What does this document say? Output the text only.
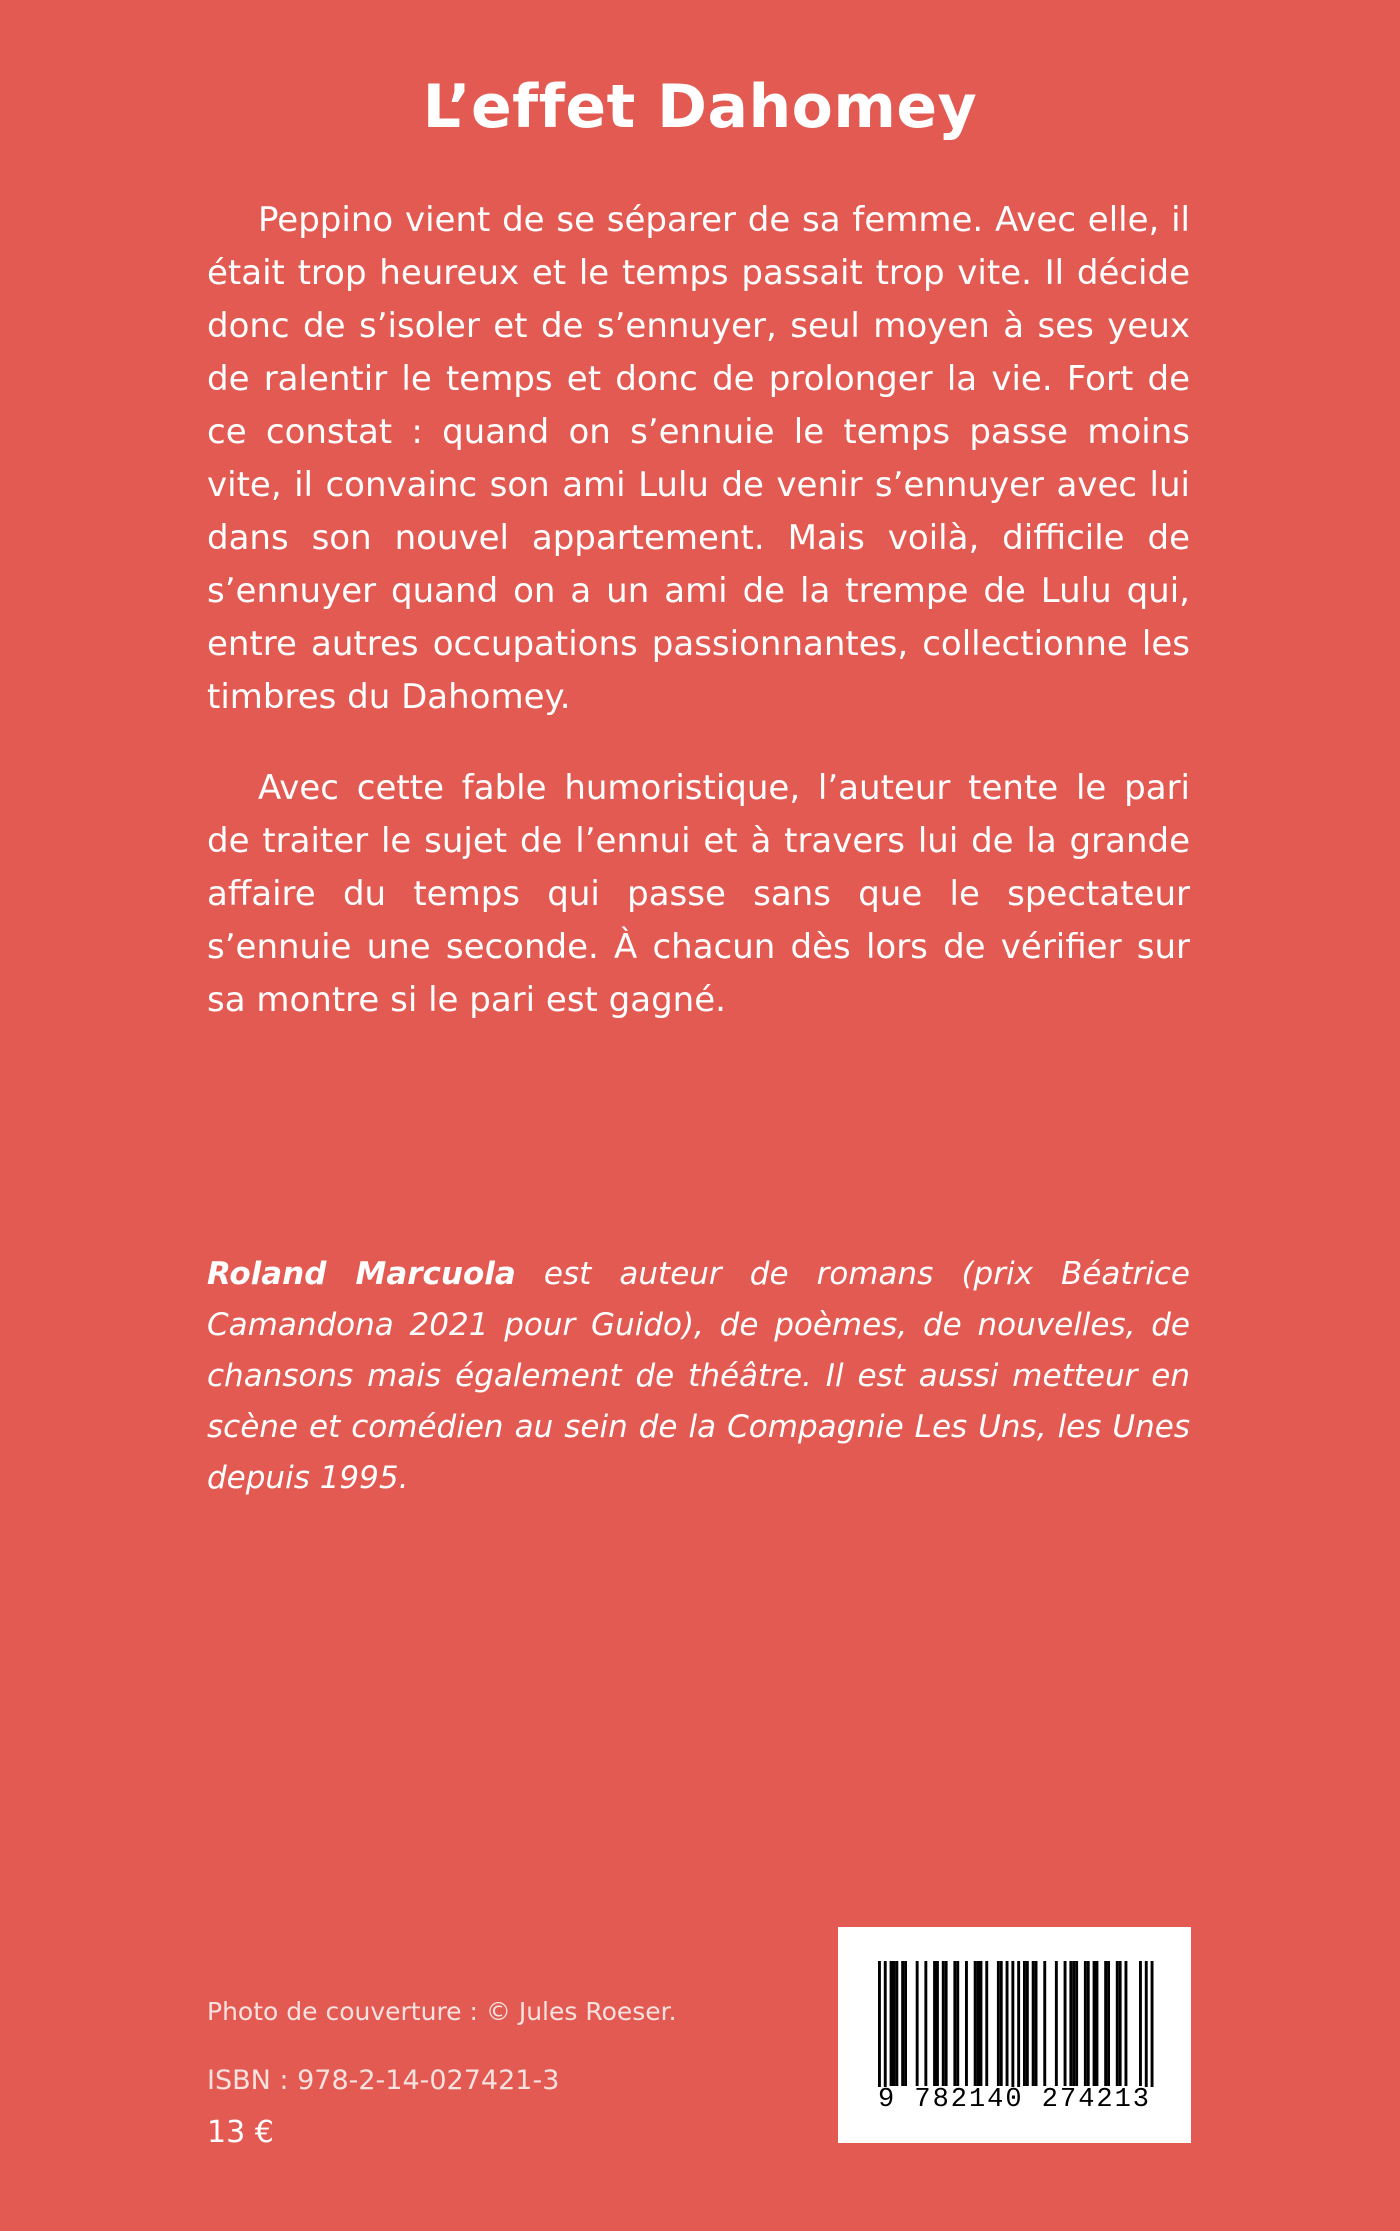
L’effet Dahomey

Peppino vient de se séparer de sa femme. Avec elle, il était trop heureux et le temps passait trop vite. Il décide donc de s’isoler et de s’ennuyer, seul moyen à ses yeux de ralentir le temps et donc de prolonger la vie. Fort de ce constat : quand on s’ennuie le temps passe moins vite, il convainc son ami Lulu de venir s’ennuyer avec lui dans son nouvel appartement. Mais voilà, difficile de s’ennuyer quand on a un ami de la trempe de Lulu qui, entre autres occupations passionnantes, collectionne les timbres du Dahomey.

Avec cette fable humoristique, l’auteur tente le pari de traiter le sujet de l’ennui et à travers lui de la grande affaire du temps qui passe sans que le spectateur s’ennuie une seconde. À chacun dès lors de vérifier sur sa montre si le pari est gagné.

Roland Marcuola est auteur de romans (prix Béatrice Camandona 2021 pour Guido), de poèmes, de nouvelles, de chansons mais également de théâtre. Il est aussi metteur en scène et comédien au sein de la Compagnie Les Uns, les Unes depuis 1995.

Photo de couverture : © Jules Roeser.
ISBN : 978-2-14-027421-3
13 €
9 782140 274213
